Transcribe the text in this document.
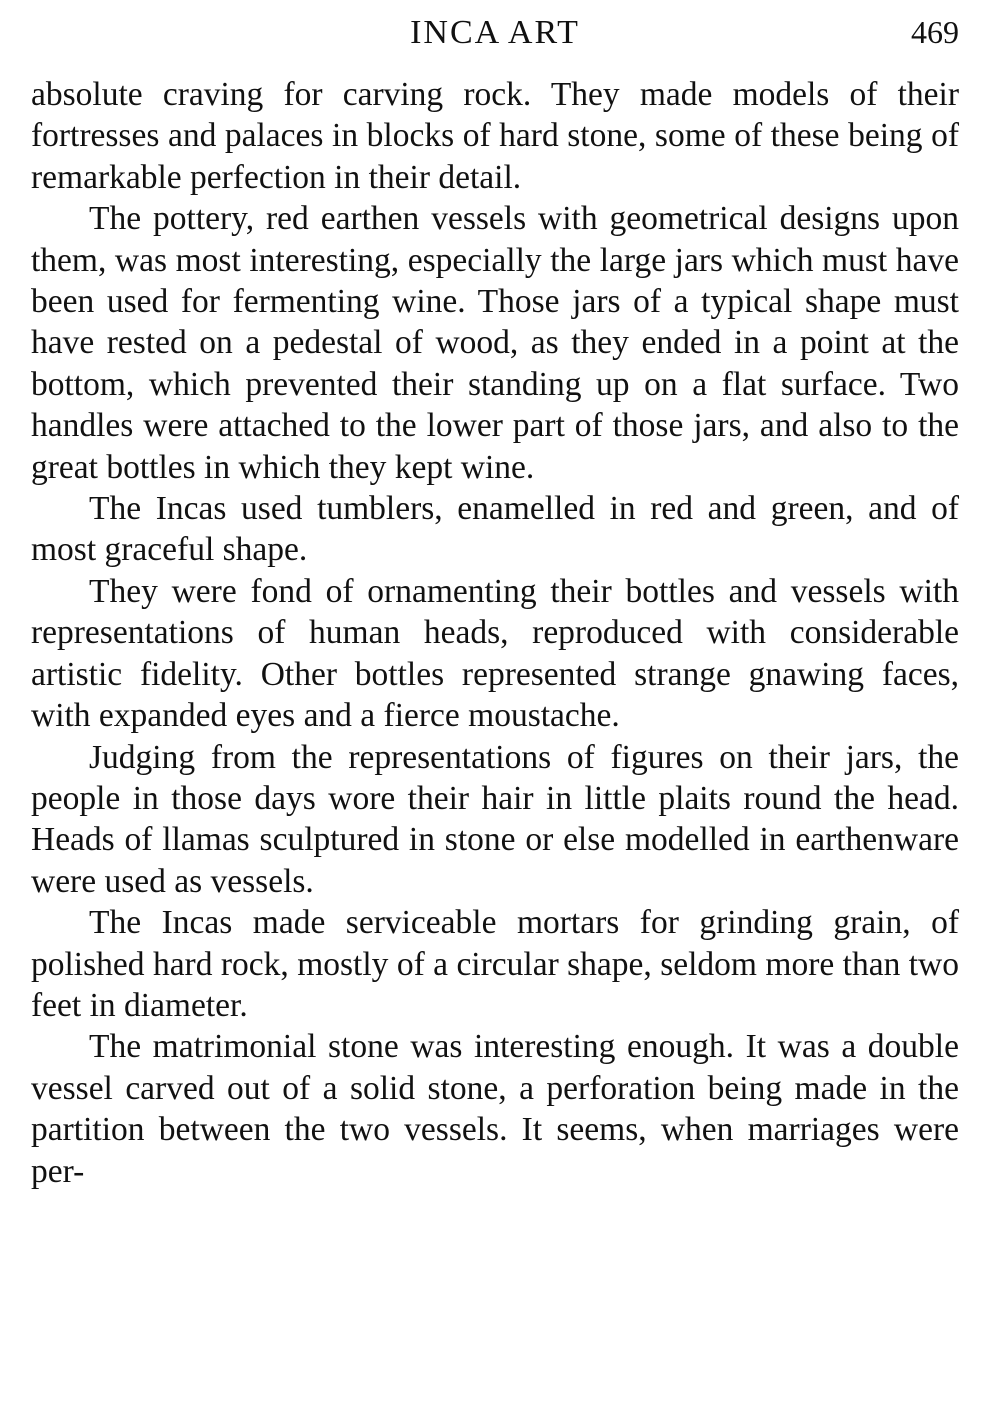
INCA ART	469

absolute craving for carving rock. They made models of their fortresses and palaces in blocks of hard stone, some of these being of remarkable perfection in their detail.

The pottery, red earthen vessels with geometrical designs upon them, was most interesting, especially the large jars which must have been used for fermenting wine. Those jars of a typical shape must have rested on a pedestal of wood, as they ended in a point at the bottom, which prevented their standing up on a flat surface. Two handles were attached to the lower part of those jars, and also to the great bottles in which they kept wine.

The Incas used tumblers, enamelled in red and green, and of most graceful shape.

They were fond of ornamenting their bottles and vessels with representations of human heads, reproduced with considerable artistic fidelity. Other bottles represented strange gnawing faces, with expanded eyes and a fierce moustache.

Judging from the representations of figures on their jars, the people in those days wore their hair in little plaits round the head. Heads of llamas sculptured in stone or else modelled in earthenware were used as vessels.

The Incas made serviceable mortars for grinding grain, of polished hard rock, mostly of a circular shape, seldom more than two feet in diameter.

The matrimonial stone was interesting enough. It was a double vessel carved out of a solid stone, a perforation being made in the partition between the two vessels. It seems, when marriages were per-
